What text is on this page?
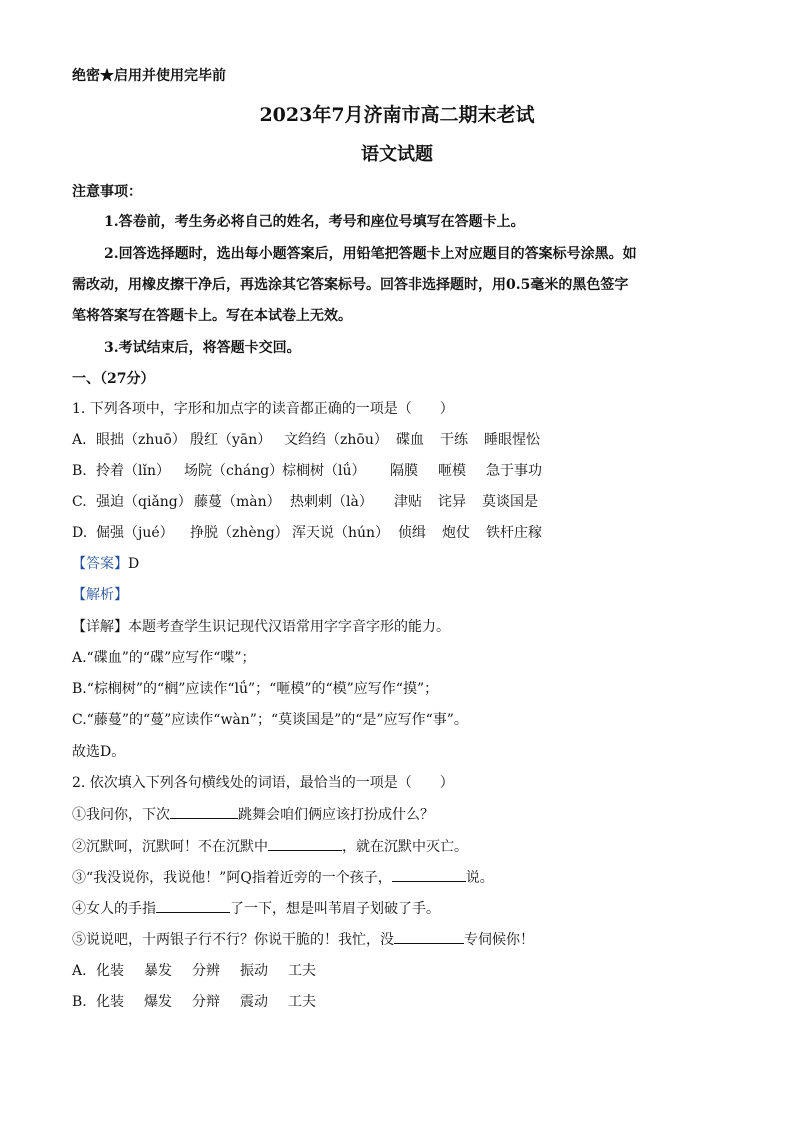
绝密★启用并使用完毕前
2023年7月济南市高二期末老试
语文试题
注意事项：
1.答卷前，考生务必将自己的姓名，考号和座位号填写在答题卡上。
2.回答选择题时，选出每小题答案后，用铅笔把答题卡上对应题目的答案标号涂黑。如
需改动，用橡皮擦干净后，再选涂其它答案标号。回答非选择题时，用0.5毫米的黑色签字
笔将答案写在答题卡上。写在本试卷上无效。
3.考试结束后，将答题卡交回。
一、（27分）
1. 下列各项中，字形和加点字的读音都正确的一项是（　　）
A. 眼拙（zhuō） 殷红（yān） 文绉绉（zhōu） 碟血 干练 睡眼惺忪
B. 拎着（lǐn） 场院（cháng）棕榈树（lǘ） 隔膜 咂模 急于事功
C. 强迫（qiǎng） 藤蔓（màn） 热剌剌（là） 津贴 诧异 莫谈国是
D. 倔强（jué） 挣脱（zhèng） 浑天说（hún） 侦缉 炮仗 铁杆庄稼
【答案】D
【解析】
【详解】本题考查学生识记现代汉语常用字字音字形的能力。
A.“碟血”的“碟”应写作“喋”；
B.“棕榈树”的“榈”应读作“lǘ”；“咂模”的“模”应写作“摸”；
C.“藤蔓”的“蔓”应读作“wàn”；“莫谈国是”的“是”应写作“事”。
故选D。
2. 依次填入下列各句横线处的词语，最恰当的一项是（　　）
①我问你，下次	跳舞会咱们俩应该打扮成什么？
②沉默呵，沉默呵！不在沉默中	，就在沉默中灭亡。
③“我没说你，我说他！”阿Q指着近旁的一个孩子，	说。
④女人的手指	了一下，想是叫苇眉子划破了手。
⑤说说吧，十两银子行不行？你说干脆的！我忙，没	专伺候你！
A. 化装 暴发 分辨 振动 工夫
B. 化装 爆发 分辩 震动 工夫
